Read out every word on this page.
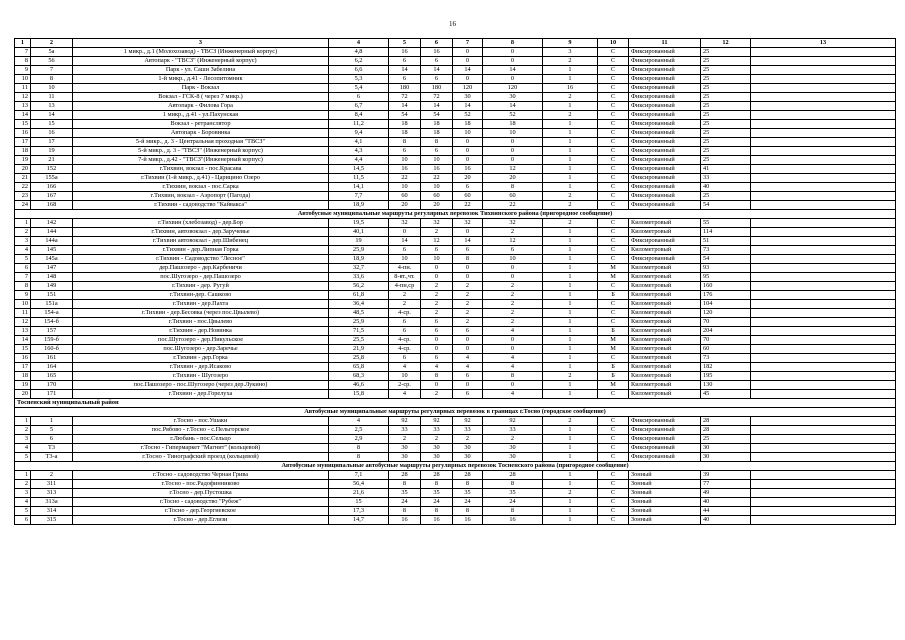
16
1	2	3	4	5	6	7	8	9	10	11	12	13
7	5а	1 микр., д.1 (Молохозавод) - ТВСЗ (Инженерный корпус)	4,8	16	16	0	0	3	С	Фиксированный	25	
8	56	Автопарк - "ТВСЗ" (Инженерный корпус)	6,2	6	6	0	0	2	С	Фиксированный	25	
9	7	Парк - ул. Саши Забелина	6,6	14	14	14	14	1	С	Фиксированный	25	
10	8	1-й микр., д.41 - Лесопитомник	5,3	6	6	0	0	1	С	Фиксированный	25	
11	10	Парк - Вокзал	5,4	180	180	120	120	16	С	Фиксированный	25	
12	11	Вокзал - ГСК-8 ( через 7 микр.)	6	72	72	30	30	2	С	Фиксированный	25	
13	13	Автопарк - Филова Гора	6,7	14	14	14	14	1	С	Фиксированный	25	
14	14	1 микр., д.41 - ул.Пахунская	8,4	54	54	52	52	2	С	Фиксированный	25	
15	15	Вокзал - ретранслятор	11,2	18	18	18	18	1	С	Фиксированный	25	
16	16	Автопарк - Боровинка	9,4	18	18	10	10	1	С	Фиксированный	25	
17	17	5-й микр., д. 3 - Центральная проходная "ТВСЗ"	4,1	8	8	0	0	1	С	Фиксированный	25	
18	19	5-й микр., д. 3 - "ТВСЗ" (Инженерный корпус)	4,3	6	6	0	0	1	С	Фиксированный	25	
19	21	7-й микр., д.42 - "ТВСЗ"(Инженерный корпус)	4,4	10	10	0	0	1	С	Фиксированный	25	
20	152	г.Тихвин, вокзал - пос.Красава	14,5	16	16	16	12	1	С	Фиксированный	41	
21	155а	г.Тихвин (1-й микр., д.41) - Царицино Озеро	11,5	22	22	20	20	1	С	Фиксированный	33	
22	166	г.Тихвин, вокзал - пос.Сарка	14,1	10	10	6	8	1	С	Фиксированный	40	
23	167	г.Тихвин, вокзал - Аэропорт (Пагода)	7,7	60	60	60	60	2	С	Фиксированный	25	
24	168	г.Тихвин - садоводство "Кайвакса"	18,9	20	20	22	22	2	С	Фиксированный	54	
Автобусные муниципальные маршруты регулярных перевозок Тихвинского района (пригородное сообщение)												
1	142	г.Тихвин (хлебозавод) - дер.Бор	19,5	32	32	32	32	2	С	Километровый	55	
2	144	г.Тихвин, автовокзал - дер.Заручевье	40,1	0	2	0	2	1	С	Километровый	114	
3	144а	г.Тихвин автовокзал - дер.Шибенец	19	14	12	14	12	1	С	Фиксированный	51	
4	145	г.Тихвин - дер.Липная Горка	25,9	6	6	6	6	1	С	Километровый	73	
5	145а	г.Тихвин - Садоводство "Лесное"	18,9	10	10	8	10	1	С	Фиксированный	54	
6	147	дер.Пашозеро - дер.Карбеничи	32,7	4-пн.	0	0	0	1	М	Километровый	93	
7	148	пос.Шугозеро - дер.Пашозеро	33,6	8-вт.,чт.	0	0	0	1	М	Километровый	95	
8	149	г.Тихвин - дер. Ругуй	56,2	4-пн,ср	2	2	2	1	С	Километровый	160	
9	151	г.Тихвин-дер. Сашково	61,8	2	2	2	2	1	Б	Километровый	176	
10	151а	г.Тихвин - дер.Пахта	36,4	2	2	2	2	1	С	Километровый	104	
11	154-а	г.Тихвин - дер.Бесовка (через пос.Цвылево)	48,5	4-ср.	2	2	2	1	С	Километровый	120	
12	154-б	г.Тихвин - пос.Цвылево	25,9	6	6	2	2	1	С	Километровый	70	
13	157	г.Тихвин - дер.Новинка	71,5	6	6	6	4	1	Б	Километровый	204	
14	159-б	пос.Шугозеро - дер.Никульское	25,5	4-ср.	0	0	0	1	М	Километровый	70	
15	160-б	пос.Шугозеро - дер.Заречье	21,9	4-ср.	0	0	0	1	М	Километровый	60	
16	161	г.Тихвин - дер.Горка	25,8	6	6	4	4	1	С	Километровый	73	
17	164	г.Тихвин - дер.Исаково	65,8	4	4	4	4	1	Б	Километровый	182	
18	165	г.Тихвин - Шугозеро	68,3	10	8	6	8	2	Б	Километровый	195	
19	170	пос.Пашозеро - пос.Шугозеро (через дер.Лукино)	46,6	2-ср.	0	0	0	1	М	Километровый	130	
20	171	г.Тихвин - дер.Горелуха	15,8	4	2	6	4	1	С	Километровый	45	
Тосненский муниципальный район												
Автобусные муниципальные маршруты регулярных перевозок в границах г.Тосно (городское сообщение)												
1	1	г.Тосно - пос.Ушаки	4	92	92	92	92	2	С	Фиксированный	28	
2	5	пос.Рябово - г.Тосно - с.Пельгорское	2,5	33	33	33	33	1	С	Фиксированный	28	
3	6	г.Любань - пос.Сельцо	2,9	2	2	2	2	1	С	Фиксированный	25	
4	Т3	г.Тосно - Гипермаркет "Магнит" (кольцевой)	8	30	30	30	30	1	С	Фиксированный	30	
5	Т3-а	г.Тосно - Тинографский проезд (кольцевой)	8	30	30	30	30	1	С	Фиксированный	30	
Автобусные муниципальные автобусные маршруты регулярных перевозок Тосненского района (пригородное сообщение)												
1	2	г.Тосно - садоводство Черная Грива	7,1	28	28	28	28	1	С	Зонный	39	
2	311	г.Тосно - пос.Радофинниково	56,4	8	8	8	8	1	С	Зонный	77	
3	313	г.Тосно - дер.Пустошка	21,6	35	35	35	35	2	С	Зонный	49	
4	313а	г.Тосно - садоводство "Рубеж"	15	24	24	24	24	1	С	Зонный	40	
5	314	г.Тосно - дер.Георгиевское	17,3	8	8	8	8	1	С	Зонный	44	
6	315	г.Тосно - дер.Еглизи	14,7	16	16	16	16	1	С	Зонный	40	
